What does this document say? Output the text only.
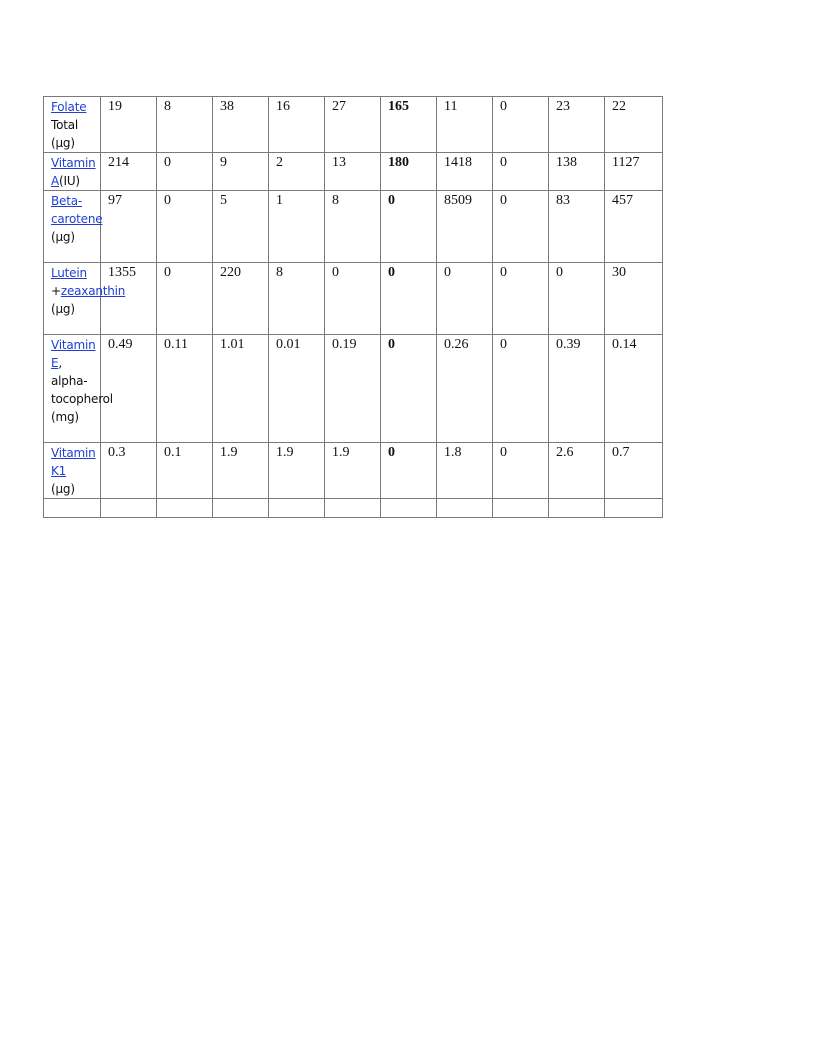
Folate
Total (µg)	19	8	38	16	27	165	11	0	23	22
Vitamin A(IU)	214	0	9	2	13	180	1418	0	138	1127
Beta-carotene
(µg)	97	0	5	1	8	0	8509	0	83	457
Lutein
+zeaxanthin
(µg)	1355	0	220	8	0	0	0	0	0	30
Vitamin E, alpha-tocopherol (mg)	0.49	0.11	1.01	0.01	0.19	0	0.26	0	0.39	0.14
Vitamin K1
(µg)	0.3	0.1	1.9	1.9	1.9	0	1.8	0	2.6	0.7
